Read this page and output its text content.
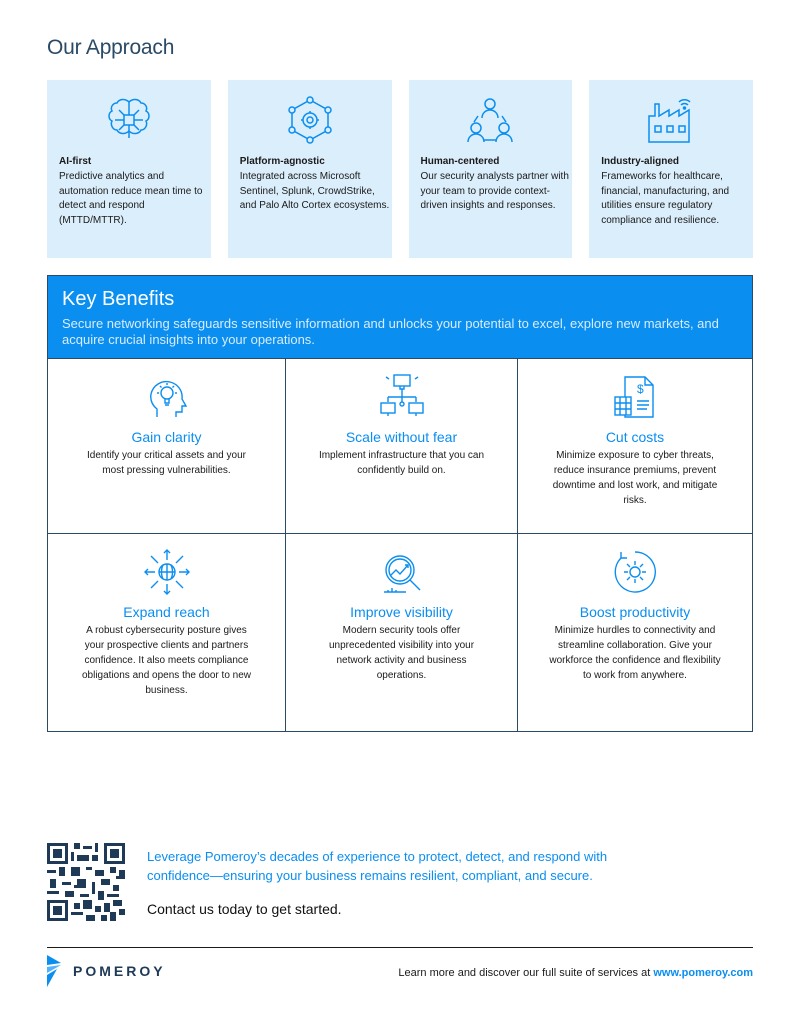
Our Approach
AI-first
Predictive analytics and automation reduce mean time to detect and respond (MTTD/MTTR).
Platform-agnostic
Integrated across Microsoft Sentinel, Splunk, CrowdStrike, and Palo Alto Cortex ecosystems.
Human-centered
Our security analysts partner with your team to provide context-driven insights and responses.
Industry-aligned
Frameworks for healthcare, financial, manufacturing, and utilities ensure regulatory compliance and resilience.
Key Benefits
Secure networking safeguards sensitive information and unlocks your potential to excel, explore new markets, and acquire crucial insights into your operations.
Gain clarity
Identify your critical assets and your most pressing vulnerabilities.
Scale without fear
Implement infrastructure that you can confidently build on.
$
Cut costs
Minimize exposure to cyber threats, reduce insurance premiums, prevent downtime and lost work, and mitigate risks.
Expand reach
A robust cybersecurity posture gives your prospective clients and partners confidence. It also meets compliance obligations and opens the door to new business.
Improve visibility
Modern security tools offer unprecedented visibility into your network activity and business operations.
Boost productivity
Minimize hurdles to connectivity and streamline collaboration. Give your workforce the confidence and flexibility to work from anywhere.
Leverage Pomeroy’s decades of experience to protect, detect, and respond with confidence—ensuring your business remains resilient, compliant, and secure.
Contact us today to get started.
POMEROY	Learn more and discover our full suite of services at www.pomeroy.com
